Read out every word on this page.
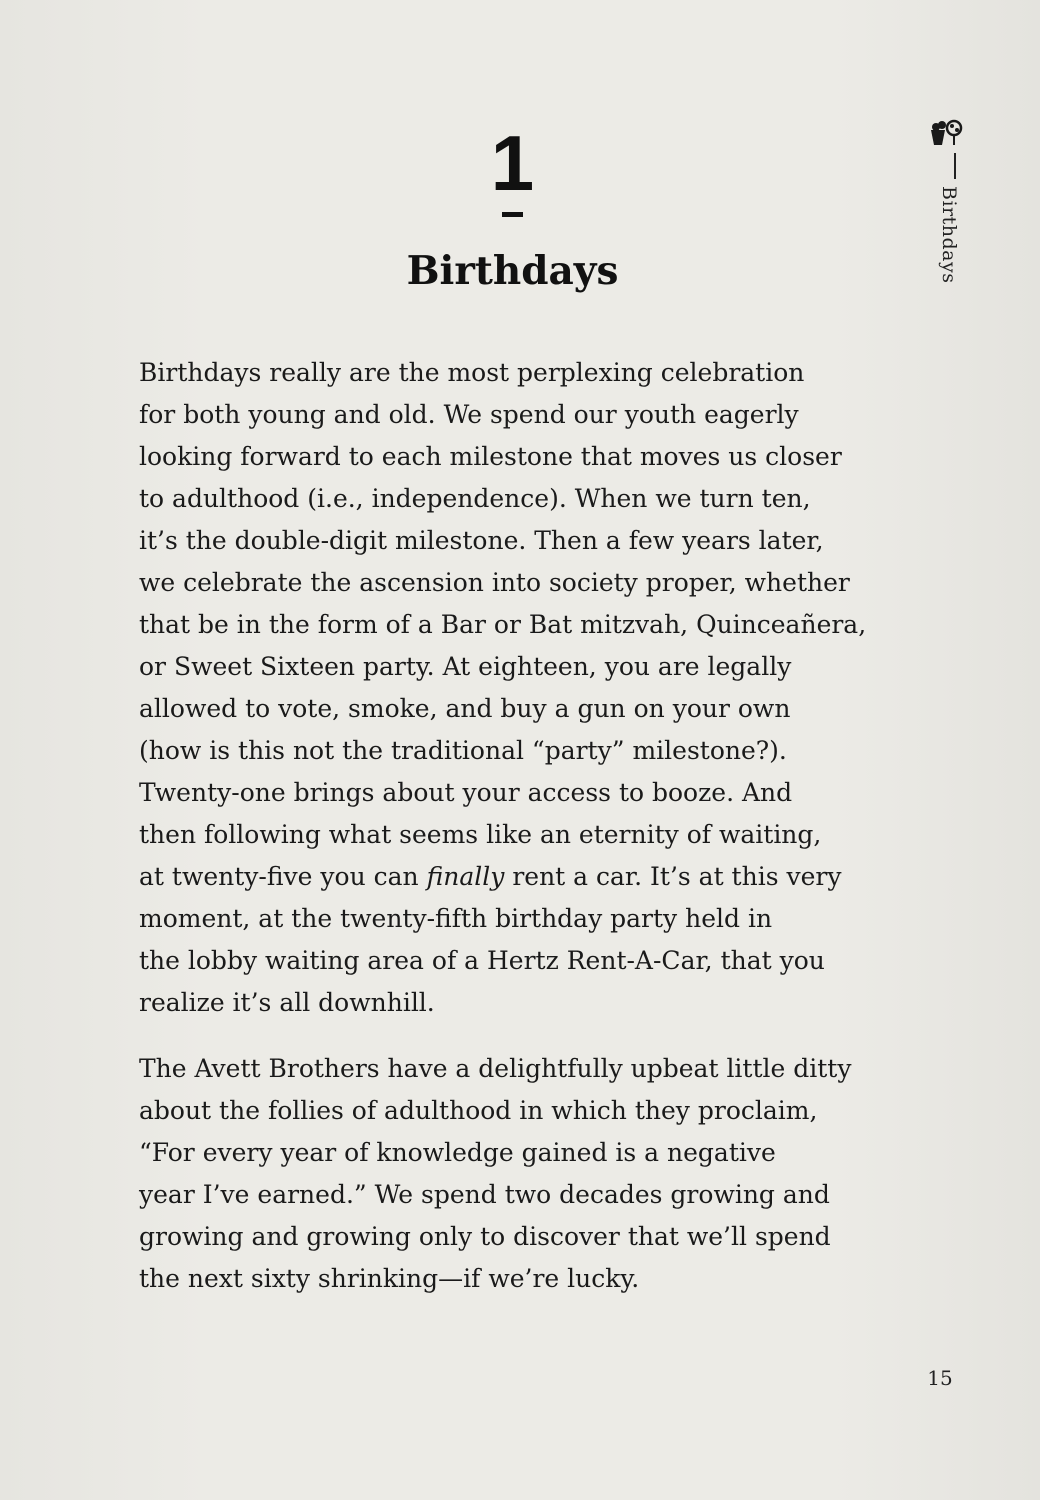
1
Birthdays	Birthdays

Birthdays really are the most perplexing celebration
for both young and old. We spend our youth eagerly
looking forward to each milestone that moves us closer
to adulthood (i.e., independence). When we turn ten,
it’s the double-digit milestone. Then a few years later,
we celebrate the ascension into society proper, whether
that be in the form of a Bar or Bat mitzvah, Quinceañera,
or Sweet Sixteen party. At eighteen, you are legally
allowed to vote, smoke, and buy a gun on your own
(how is this not the traditional “party” milestone?).
Twenty-one brings about your access to booze. And
then following what seems like an eternity of waiting,
at twenty-five you can finally rent a car. It’s at this very
moment, at the twenty-fifth birthday party held in
the lobby waiting area of a Hertz Rent-A-Car, that you
realize it’s all downhill.

The Avett Brothers have a delightfully upbeat little ditty
about the follies of adulthood in which they proclaim,
“For every year of knowledge gained is a negative
year I’ve earned.” We spend two decades growing and
growing and growing only to discover that we’ll spend
the next sixty shrinking—if we’re lucky.

15
